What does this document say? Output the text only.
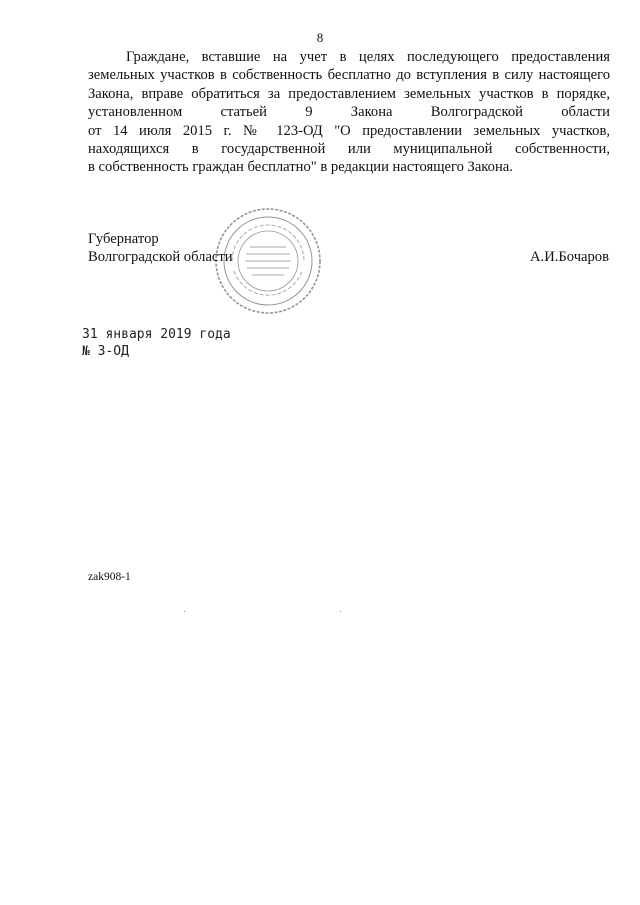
8
Граждане, вставшие на учет в целях последующего предоставления
земельных участков в собственность бесплатно до вступления в силу настоящего
Закона, вправе обратиться за предоставлением земельных участков в порядке,
установленном статьей 9 Закона Волгоградской области
от 14 июля 2015 г. № 123-ОД "О предоставлении земельных участков,
находящихся в государственной или муниципальной собственности,
в собственность граждан бесплатно" в редакции настоящего Закона.
Губернатор
Волгоградской области	А.И.Бочаров
31 января 2019 года
№ 3-ОД
zak908-1
